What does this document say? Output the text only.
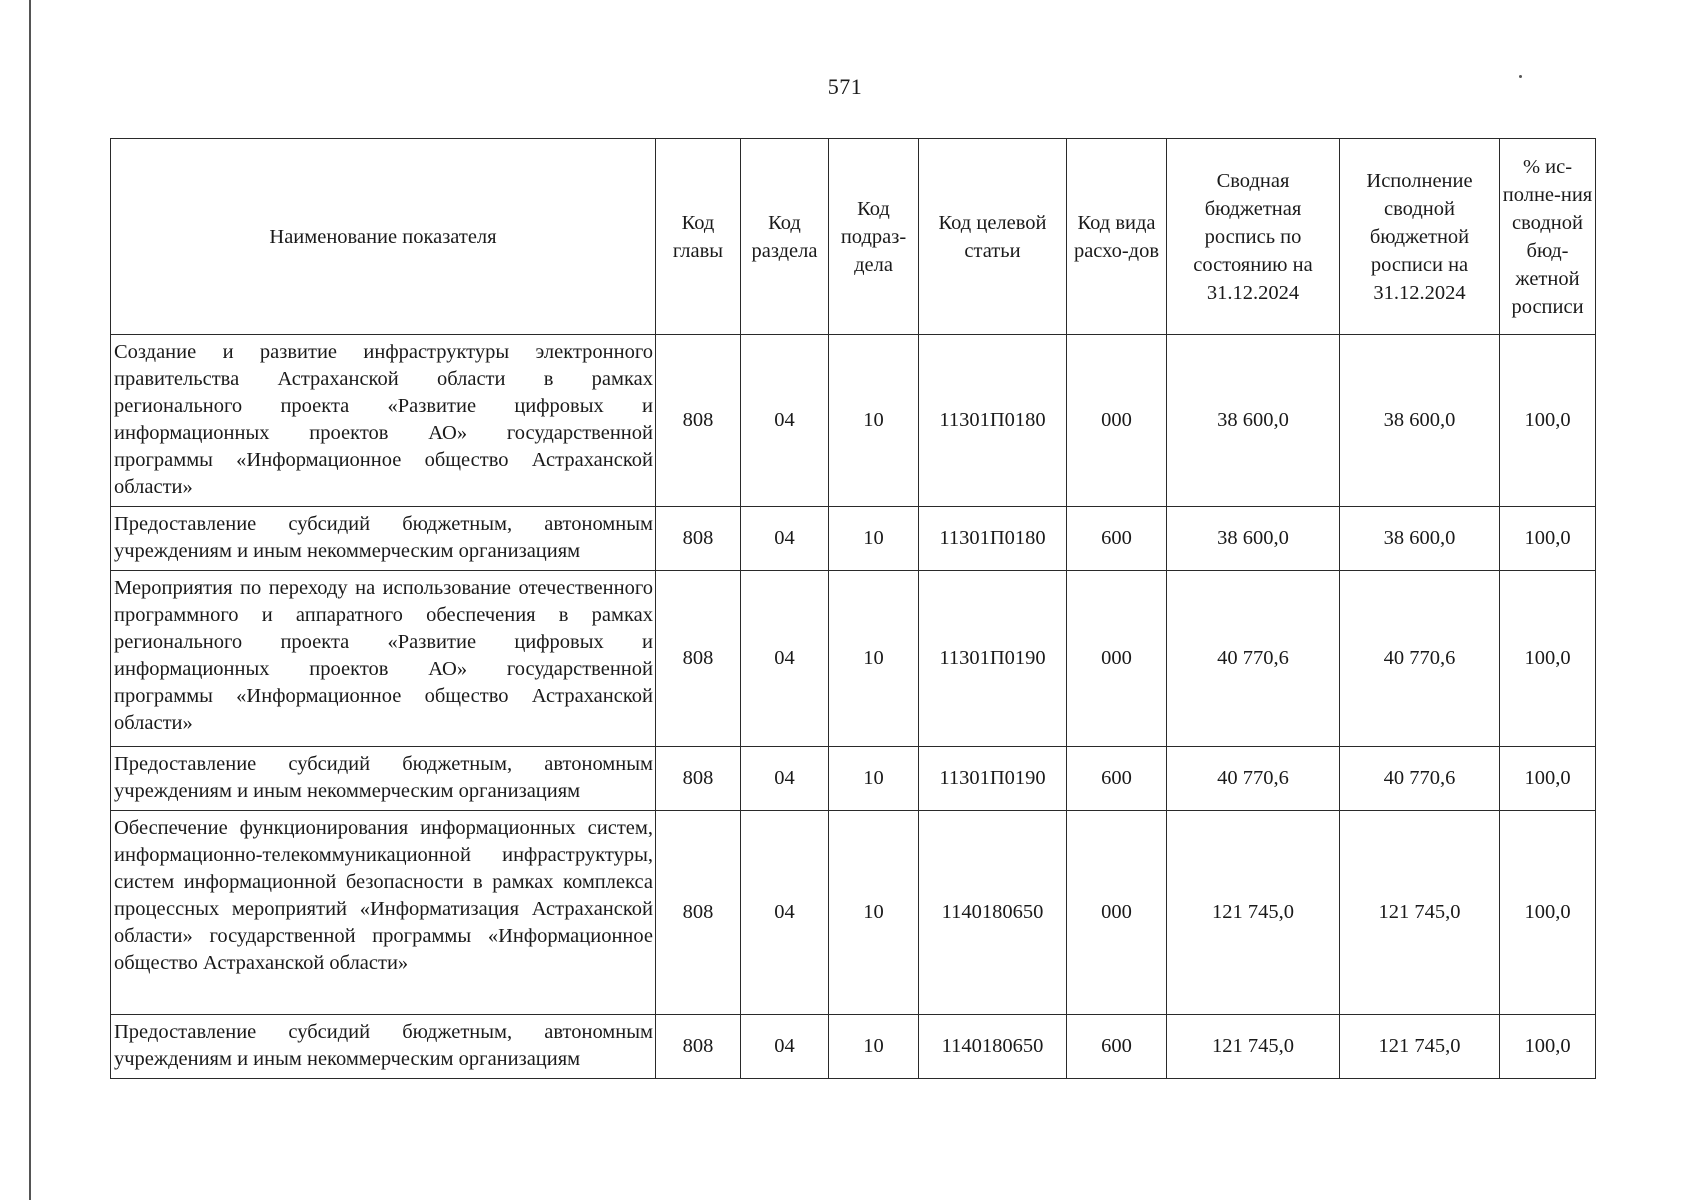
571
Наименование показателя	Код главы	Код раздела	Код подраз-дела	Код целевой статьи	Код вида расхо-дов	Сводная бюджетная роспись по состоянию на 31.12.2024	Исполнение сводной бюджетной росписи на 31.12.2024	% ис-полне-ния сводной бюд-жетной росписи
Создание и развитие инфраструктуры электронного правительства Астраханской области в рамках регионального проекта «Развитие цифровых и информационных проектов АО» государственной программы «Информационное общество Астраханской области»	808	04	10	11301П0180	000	38 600,0	38 600,0	100,0
Предоставление субсидий бюджетным, автономным учреждениям и иным некоммерческим организациям	808	04	10	11301П0180	600	38 600,0	38 600,0	100,0
Мероприятия по переходу на использование отечественного программного и аппаратного обеспечения в рамках регионального проекта «Развитие цифровых и информационных проектов АО» государственной программы «Информационное общество Астраханской области»	808	04	10	11301П0190	000	40 770,6	40 770,6	100,0
Предоставление субсидий бюджетным, автономным учреждениям и иным некоммерческим организациям	808	04	10	11301П0190	600	40 770,6	40 770,6	100,0
Обеспечение функционирования информационных систем, информационно-телекоммуникационной инфраструктуры, систем информационной безопасности в рамках комплекса процессных мероприятий «Информатизация Астраханской области» государственной программы «Информационное общество Астраханской области»	808	04	10	1140180650	000	121 745,0	121 745,0	100,0
Предоставление субсидий бюджетным, автономным учреждениям и иным некоммерческим организациям	808	04	10	1140180650	600	121 745,0	121 745,0	100,0
